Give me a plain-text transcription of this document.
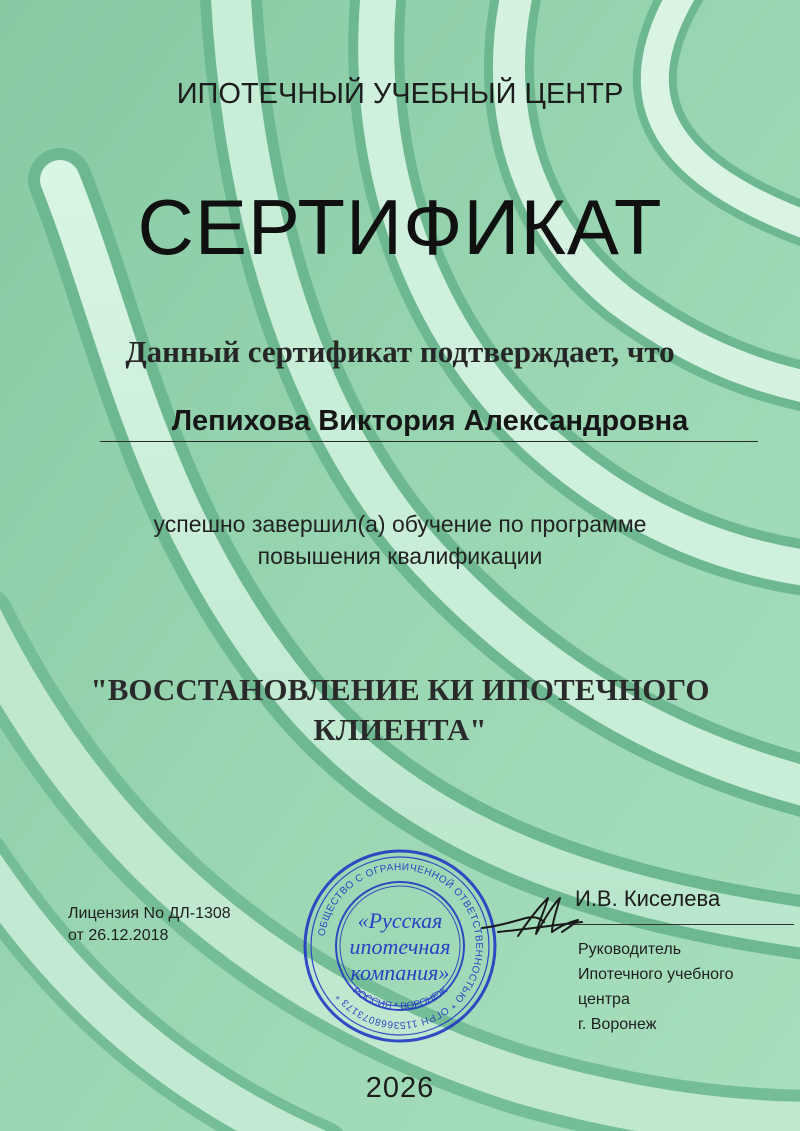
ИПОТЕЧНЫЙ УЧЕБНЫЙ ЦЕНТР
СЕРТИФИКАТ
Данный сертификат подтверждает, что
Лепихова Виктория Александровна
успешно завершил(а) обучение по программе
повышения квалификации
"ВОССТАНОВЛЕНИЕ КИ ИПОТЕЧНОГО
КЛИЕНТА"
Лицензия No ДЛ-1308
от 26.12.2018	ОБЩЕСТВО С ОГРАНИЧЕННОЙ ОТВЕТСТВЕННОСТЬЮ * ОГРН 1153668073173 * РОССИЯ * ВОРОНЕЖ
«Русская
ипотечная
компания»
И.В. Киселева
Руководитель
Ипотечного учебного
центра
г. Воронеж
2026
